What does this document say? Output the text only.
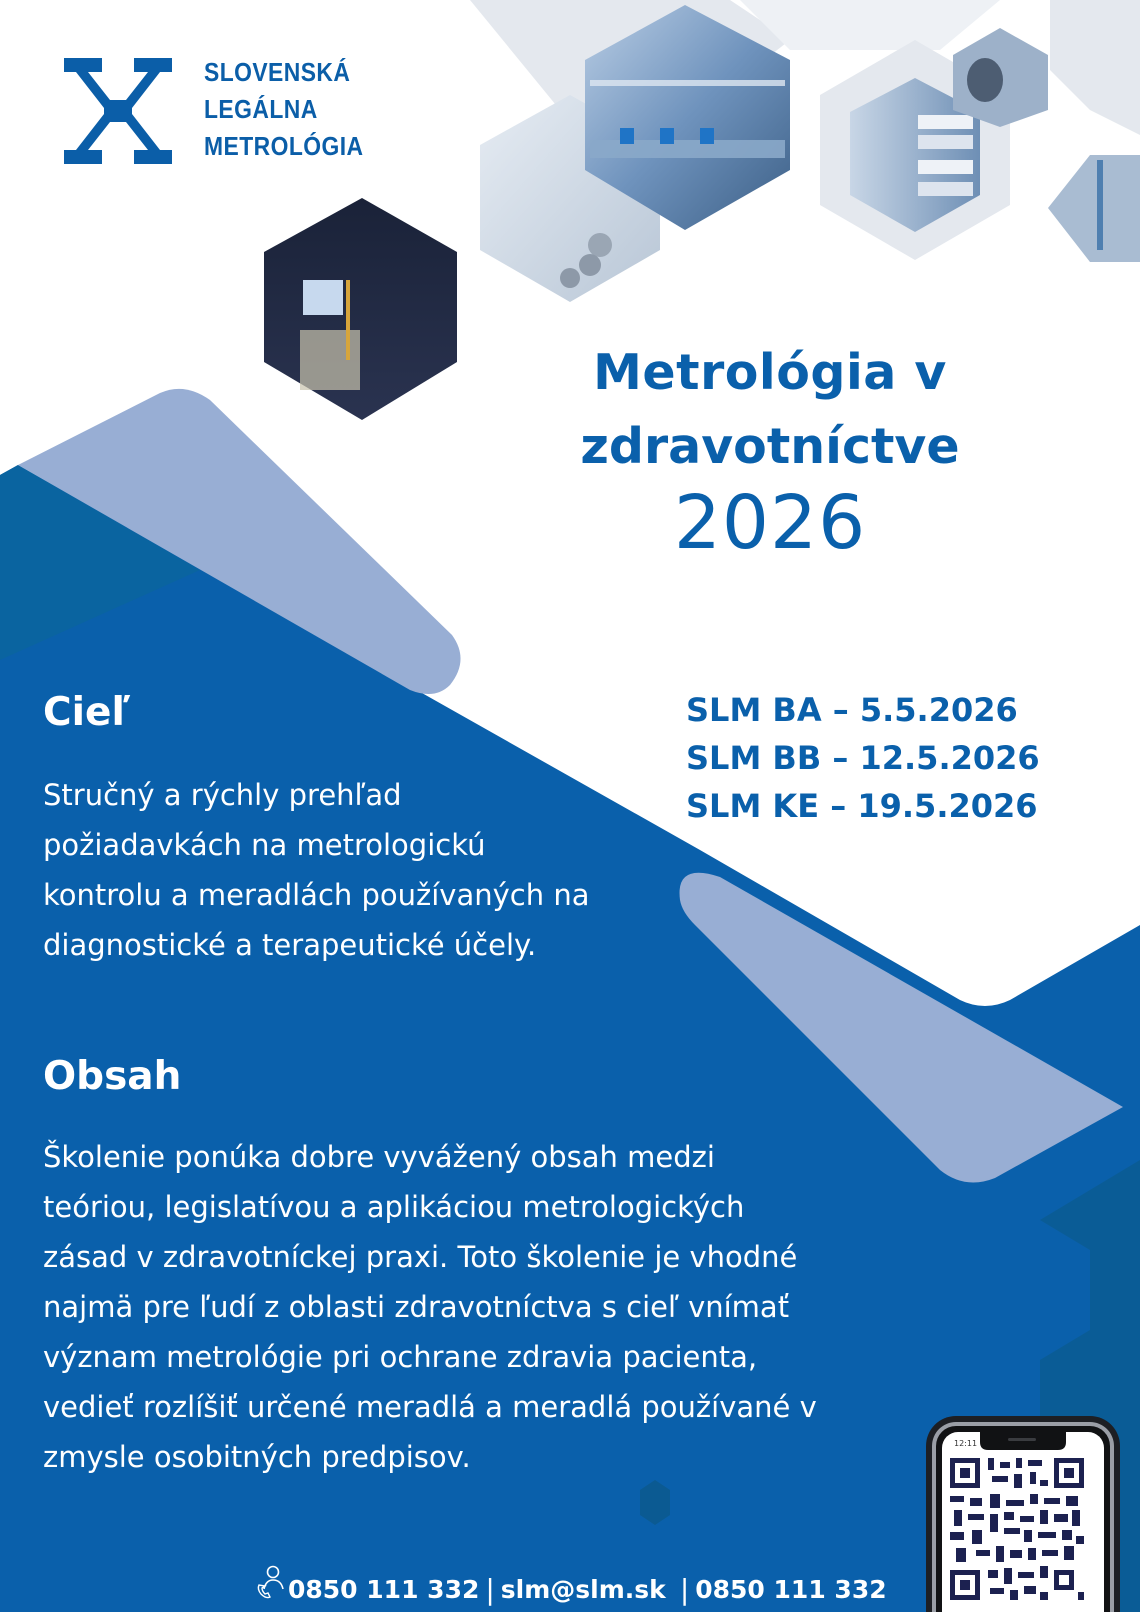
SLOVENSKÁ
LEGÁLNA
METROLÓGIA
Metrológia v
zdravotníctve
2026
SLM BA – 5.5.2026
SLM BB – 12.5.2026
SLM KE – 19.5.2026
Cieľ
Stručný a rýchly prehľad
požiadavkách na metrologickú
kontrolu a meradlách používaných na
diagnostické a terapeutické účely.
Obsah
Školenie ponúka dobre vyvážený obsah medzi
teóriou, legislatívou a aplikáciou metrologických
zásad v zdravotníckej praxi. Toto školenie je vhodné
najmä pre ľudí z oblasti zdravotníctva s cieľ vnímať
význam metrológie pri ochrane zdravia pacienta,
vedieť rozlíšiť určené meradlá a meradlá používané v
zmysle osobitných predpisov.	12:11
0850 111 332 | slm@slm.sk | 0850 111 332
